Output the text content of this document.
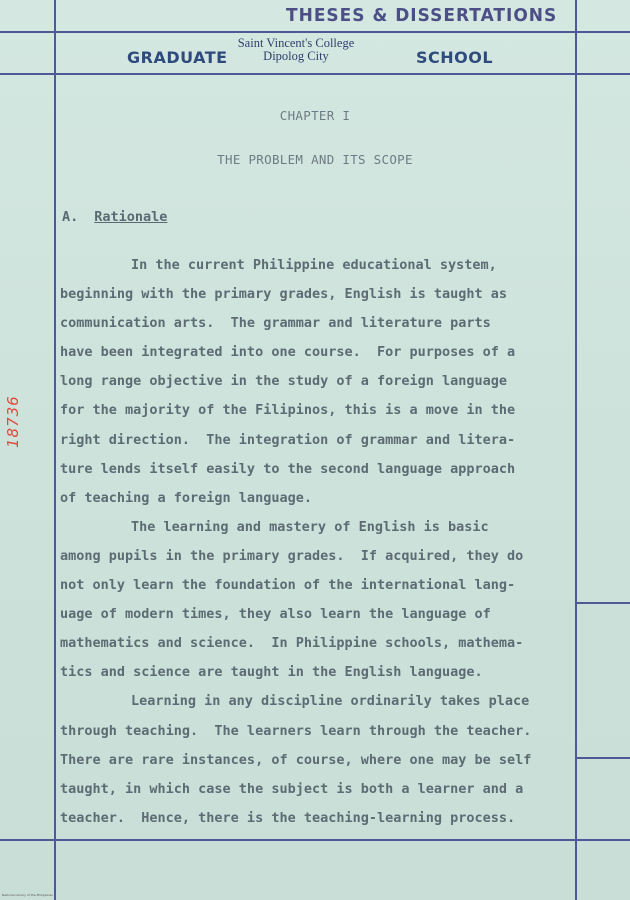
THESES & DISSERTATIONS
GRADUATE
Saint Vincent's College
Dipolog City	SCHOOL
CHAPTER I
THE PROBLEM AND ITS SCOPE
A. Rationale
In the current Philippine educational system,
beginning with the primary grades, English is taught as
communication arts.  The grammar and literature parts
have been integrated into one course.  For purposes of a
long range objective in the study of a foreign language
for the majority of the Filipinos, this is a move in the
right direction.  The integration of grammar and litera-
ture lends itself easily to the second language approach
of teaching a foreign language.
The learning and mastery of English is basic
among pupils in the primary grades.  If acquired, they do
not only learn the foundation of the international lang-
uage of modern times, they also learn the language of
mathematics and science.  In Philippine schools, mathema-
tics and science are taught in the English language.
Learning in any discipline ordinarily takes place
through teaching.  The learners learn through the teacher.
There are rare instances, of course, where one may be self
taught, in which case the subject is both a learner and a
teacher.  Hence, there is the teaching-learning process.
18736
National Library of the Philippines
